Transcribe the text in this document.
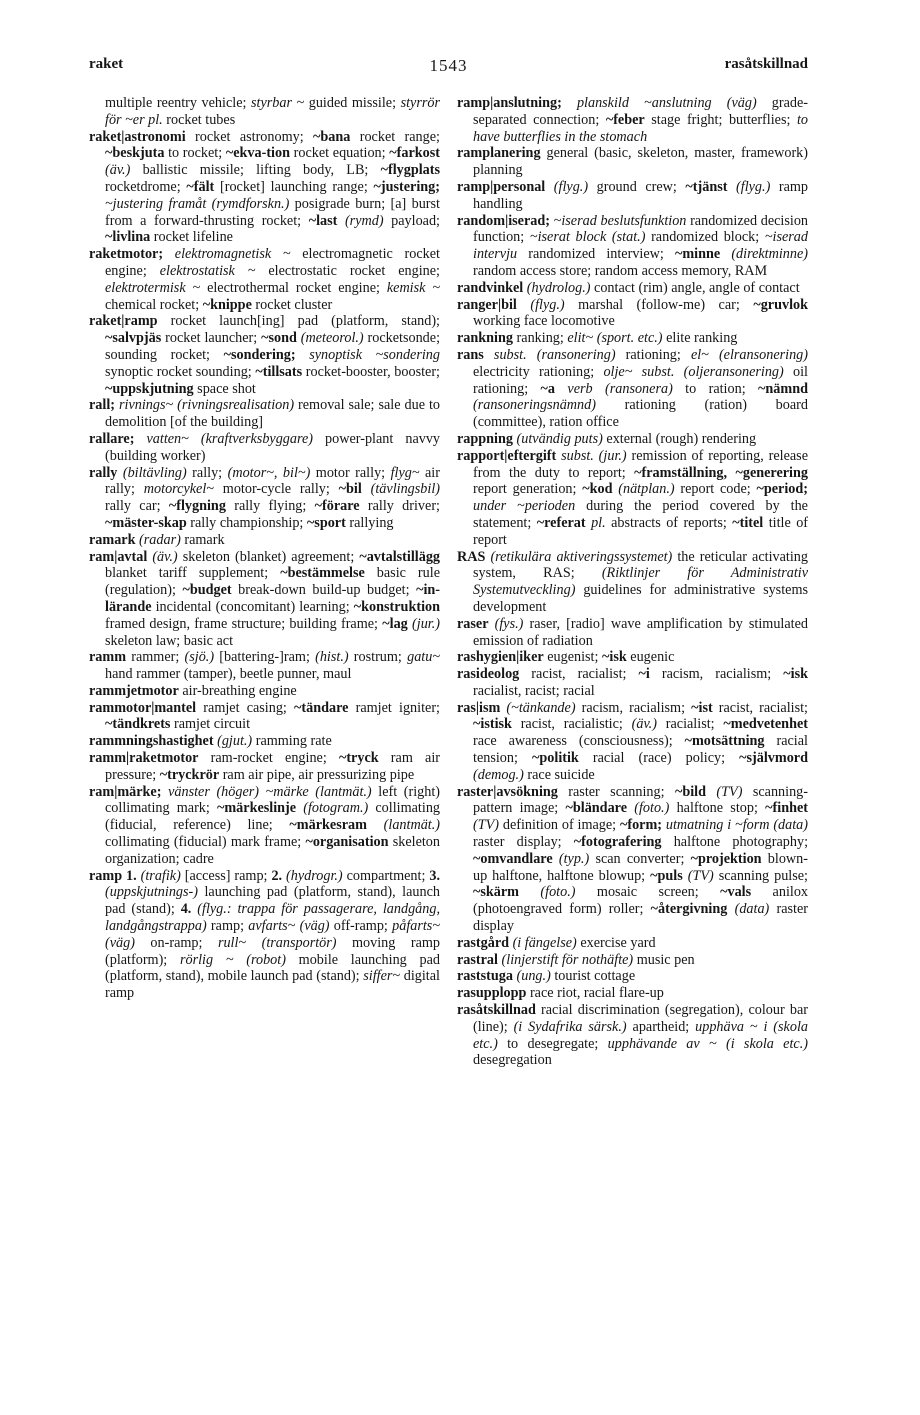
raket	1543	rasåtskillnad

multiple reentry vehicle; styrbar ~ guided missile; styrrör för ~er pl. rocket tubes

raket|astronomi rocket astronomy; ~bana rocket range; ~beskjuta to rocket; ~ekva-tion rocket equation; ~farkost (äv.) ballistic missile; lifting body, LB; ~flygplats rocketdrome; ~fält [rocket] launching range; ~justering; ~justering framåt (rymdforskn.) posigrade burn; [a] burst from a forward-thrusting rocket; ~last (rymd) payload; ~livlina rocket lifeline

raketmotor; elektromagnetisk ~ electromagnetic rocket engine; elektrostatisk ~ electrostatic rocket engine; elektrotermisk ~ electrothermal rocket engine; kemisk ~ chemical rocket; ~knippe rocket cluster

raket|ramp rocket launch[ing] pad (platform, stand); ~salvpjäs rocket launcher; ~sond (meteorol.) rocketsonde; sounding rocket; ~sondering; synoptisk ~sondering synoptic rocket sounding; ~tillsats rocket-booster, booster; ~uppskjutning space shot

rall; rivnings~ (rivningsrealisation) removal sale; sale due to demolition [of the building]

rallare; vatten~ (kraftverksbyggare) power-plant navvy (building worker)

rally (biltävling) rally; (motor~, bil~) motor rally; flyg~ air rally; motorcykel~ motor-cycle rally; ~bil (tävlingsbil) rally car; ~flygning rally flying; ~förare rally driver; ~mäster-skap rally championship; ~sport rallying

ramark (radar) ramark

ram|avtal (äv.) skeleton (blanket) agreement; ~avtalstillägg blanket tariff supplement; ~bestämmelse basic rule (regulation); ~budget break-down build-up budget; ~in-lärande incidental (concomitant) learning; ~konstruktion framed design, frame structure; building frame; ~lag (jur.) skeleton law; basic act

ramm rammer; (sjö.) [battering-]ram; (hist.) rostrum; gatu~ hand rammer (tamper), beetle punner, maul

rammjetmotor air-breathing engine

rammotor|mantel ramjet casing; ~tändare ramjet igniter; ~tändkrets ramjet circuit

rammningshastighet (gjut.) ramming rate

ramm|raketmotor ram-rocket engine; ~tryck ram air pressure; ~tryckrör ram air pipe, air pressurizing pipe

ram|märke; vänster (höger) ~märke (lantmät.) left (right) collimating mark; ~märkeslinje (fotogram.) collimating (fiducial, reference) line; ~märkesram (lantmät.) collimating (fiducial) mark frame; ~organisation skeleton organization; cadre

ramp 1. (trafik) [access] ramp; 2. (hydrogr.) compartment; 3. (uppskjutnings-) launching pad (platform, stand), launch pad (stand); 4. (flyg.: trappa för passagerare, landgång, landgångstrappa) ramp; avfarts~ (väg) off-ramp; påfarts~ (väg) on-ramp; rull~ (transportör) moving ramp (platform); rörlig ~ (robot) mobile launching pad (platform, stand), mobile launch pad (stand); siffer~ digital ramp

ramp|anslutning; planskild ~anslutning (väg) grade-separated connection; ~feber stage fright; butterflies; to have butterflies in the stomach

ramplanering general (basic, skeleton, master, framework) planning

ramp|personal (flyg.) ground crew; ~tjänst (flyg.) ramp handling

random|iserad; ~iserad beslutsfunktion randomized decision function; ~iserat block (stat.) randomized block; ~iserad intervju randomized interview; ~minne (direktminne) random access store; random access memory, RAM

randvinkel (hydrolog.) contact (rim) angle, angle of contact

ranger|bil (flyg.) marshal (follow-me) car; ~gruvlok working face locomotive

rankning ranking; elit~ (sport. etc.) elite ranking

rans subst. (ransonering) rationing; el~ (elransonering) electricity rationing; olje~ subst. (oljeransonering) oil rationing; ~a verb (ransonera) to ration; ~nämnd (ransoneringsnämnd) rationing (ration) board (committee), ration office

rappning (utvändig puts) external (rough) rendering

rapport|eftergift subst. (jur.) remission of reporting, release from the duty to report; ~framställning, ~generering report generation; ~kod (nätplan.) report code; ~period; under ~perioden during the period covered by the statement; ~referat pl. abstracts of reports; ~titel title of report

RAS (retikulära aktiveringssystemet) the reticular activating system, RAS; (Riktlinjer för Administrativ Systemutveckling) guidelines for administrative systems development

raser (fys.) raser, [radio] wave amplification by stimulated emission of radiation

rashygien|iker eugenist; ~isk eugenic

rasideolog racist, racialist; ~i racism, racialism; ~isk racialist, racist; racial

ras|ism (~tänkande) racism, racialism; ~ist racist, racialist; ~istisk racist, racialistic; (äv.) racialist; ~medvetenhet race awareness (consciousness); ~motsättning racial tension; ~politik racial (race) policy; ~självmord (demog.) race suicide

raster|avsökning raster scanning; ~bild (TV) scanning-pattern image; ~bländare (foto.) halftone stop; ~finhet (TV) definition of image; ~form; utmatning i ~form (data) raster display; ~fotografering halftone photography; ~omvandlare (typ.) scan converter; ~projektion blown-up halftone, halftone blowup; ~puls (TV) scanning pulse; ~skärm (foto.) mosaic screen; ~vals anilox (photoengraved form) roller; ~återgivning (data) raster display

rastgård (i fängelse) exercise yard

rastral (linjerstift för nothäfte) music pen

raststuga (ung.) tourist cottage

rasupplopp race riot, racial flare-up

rasåtskillnad racial discrimination (segregation), colour bar (line); (i Sydafrika särsk.) apartheid; upphäva ~ i (skola etc.) to desegregate; upphävande av ~ (i skola etc.) desegregation
